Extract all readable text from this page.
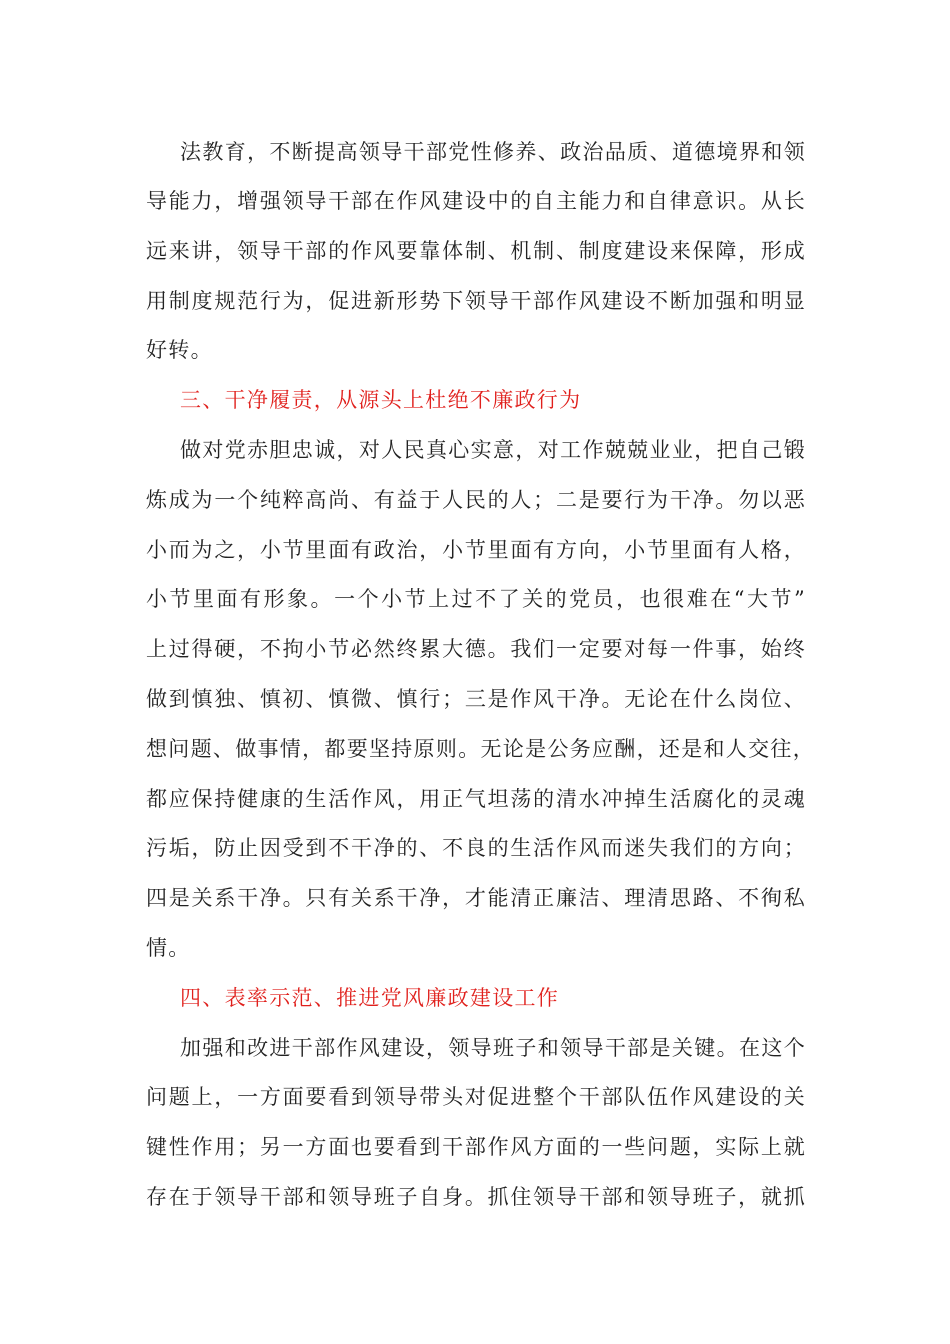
法教育，不断提高领导干部党性修养、政治品质、道德境界和领
导能力，增强领导干部在作风建设中的自主能力和自律意识。从长
远来讲，领导干部的作风要靠体制、机制、制度建设来保障，形成
用制度规范行为，促进新形势下领导干部作风建设不断加强和明显
好转。
三、干净履责，从源头上杜绝不廉政行为
做对党赤胆忠诚，对人民真心实意，对工作兢兢业业，把自己锻
炼成为一个纯粹高尚、有益于人民的人；二是要行为干净。勿以恶
小而为之，小节里面有政治，小节里面有方向，小节里面有人格，
小节里面有形象。一个小节上过不了关的党员，也很难在“大节”
上过得硬，不拘小节必然终累大德。我们一定要对每一件事，始终
做到慎独、慎初、慎微、慎行；三是作风干净。无论在什么岗位、
想问题、做事情，都要坚持原则。无论是公务应酬，还是和人交往，
都应保持健康的生活作风，用正气坦荡的清水冲掉生活腐化的灵魂
污垢，防止因受到不干净的、不良的生活作风而迷失我们的方向；
四是关系干净。只有关系干净，才能清正廉洁、理清思路、不徇私
情。
四、表率示范、推进党风廉政建设工作
加强和改进干部作风建设，领导班子和领导干部是关键。在这个
问题上，一方面要看到领导带头对促进整个干部队伍作风建设的关
键性作用；另一方面也要看到干部作风方面的一些问题，实际上就
存在于领导干部和领导班子自身。抓住领导干部和领导班子，就抓
